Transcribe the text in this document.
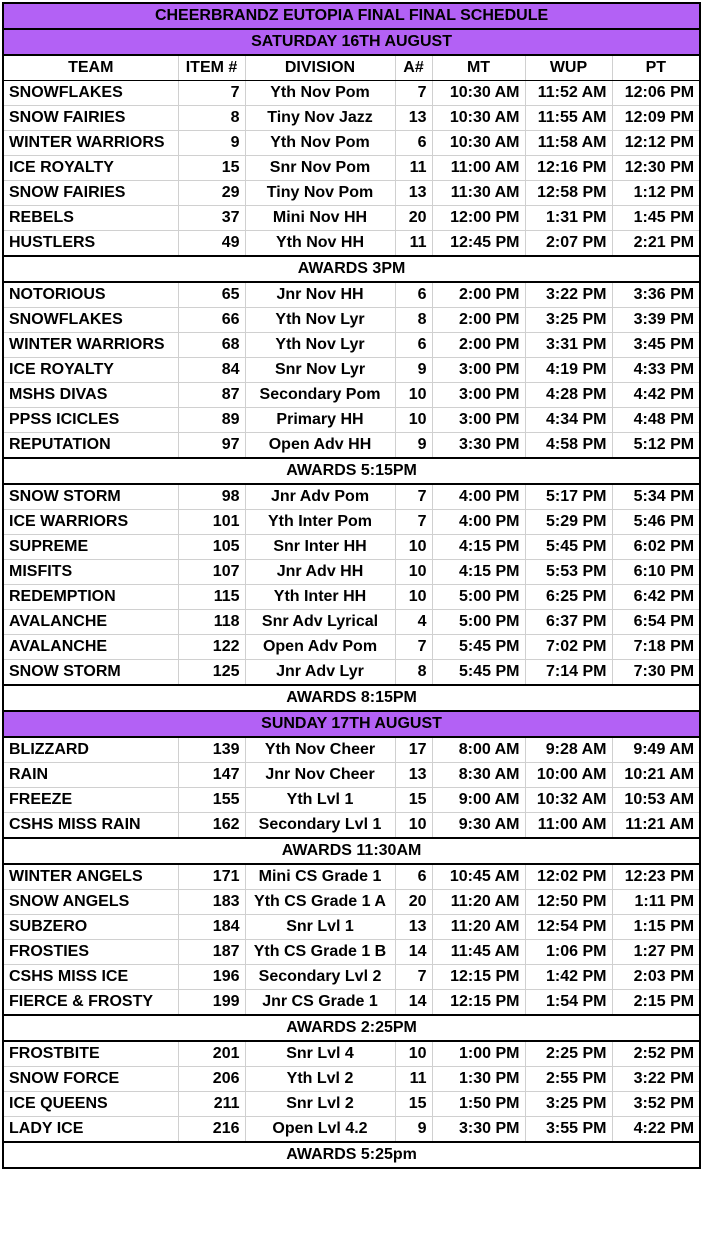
CHEERBRANDZ EUTOPIA FINAL FINAL SCHEDULE						
SATURDAY 16TH AUGUST						
TEAM	ITEM #	DIVISION	A#	MT	WUP	PT
SNOWFLAKES	7	Yth Nov Pom	7	10:30 AM	11:52 AM	12:06 PM
SNOW FAIRIES	8	Tiny Nov Jazz	13	10:30 AM	11:55 AM	12:09 PM
WINTER WARRIORS	9	Yth Nov Pom	6	10:30 AM	11:58 AM	12:12 PM
ICE ROYALTY	15	Snr Nov Pom	11	11:00 AM	12:16 PM	12:30 PM
SNOW FAIRIES	29	Tiny Nov Pom	13	11:30 AM	12:58 PM	1:12 PM
REBELS	37	Mini Nov HH	20	12:00 PM	1:31 PM	1:45 PM
HUSTLERS	49	Yth Nov HH	11	12:45 PM	2:07 PM	2:21 PM
AWARDS 3PM						
NOTORIOUS	65	Jnr Nov HH	6	2:00 PM	3:22 PM	3:36 PM
SNOWFLAKES	66	Yth Nov Lyr	8	2:00 PM	3:25 PM	3:39 PM
WINTER WARRIORS	68	Yth Nov Lyr	6	2:00 PM	3:31 PM	3:45 PM
ICE ROYALTY	84	Snr Nov Lyr	9	3:00 PM	4:19 PM	4:33 PM
MSHS DIVAS	87	Secondary Pom	10	3:00 PM	4:28 PM	4:42 PM
PPSS ICICLES	89	Primary HH	10	3:00 PM	4:34 PM	4:48 PM
REPUTATION	97	Open Adv HH	9	3:30 PM	4:58 PM	5:12 PM
AWARDS 5:15PM						
SNOW STORM	98	Jnr Adv Pom	7	4:00 PM	5:17 PM	5:34 PM
ICE WARRIORS	101	Yth Inter Pom	7	4:00 PM	5:29 PM	5:46 PM
SUPREME	105	Snr Inter HH	10	4:15 PM	5:45 PM	6:02 PM
MISFITS	107	Jnr Adv HH	10	4:15 PM	5:53 PM	6:10 PM
REDEMPTION	115	Yth Inter HH	10	5:00 PM	6:25 PM	6:42 PM
AVALANCHE	118	Snr Adv Lyrical	4	5:00 PM	6:37 PM	6:54 PM
AVALANCHE	122	Open Adv Pom	7	5:45 PM	7:02 PM	7:18 PM
SNOW STORM	125	Jnr Adv Lyr	8	5:45 PM	7:14 PM	7:30 PM
AWARDS 8:15PM						
SUNDAY 17TH AUGUST						
BLIZZARD	139	Yth Nov Cheer	17	8:00 AM	9:28 AM	9:49 AM
RAIN	147	Jnr Nov Cheer	13	8:30 AM	10:00 AM	10:21 AM
FREEZE	155	Yth Lvl 1	15	9:00 AM	10:32 AM	10:53 AM
CSHS MISS RAIN	162	Secondary Lvl 1	10	9:30 AM	11:00 AM	11:21 AM
AWARDS 11:30AM						
WINTER ANGELS	171	Mini CS Grade 1	6	10:45 AM	12:02 PM	12:23 PM
SNOW ANGELS	183	Yth CS Grade 1 A	20	11:20 AM	12:50 PM	1:11 PM
SUBZERO	184	Snr Lvl 1	13	11:20 AM	12:54 PM	1:15 PM
FROSTIES	187	Yth CS Grade 1 B	14	11:45 AM	1:06 PM	1:27 PM
CSHS MISS ICE	196	Secondary Lvl 2	7	12:15 PM	1:42 PM	2:03 PM
FIERCE & FROSTY	199	Jnr CS Grade 1	14	12:15 PM	1:54 PM	2:15 PM
AWARDS 2:25PM						
FROSTBITE	201	Snr Lvl 4	10	1:00 PM	2:25 PM	2:52 PM
SNOW FORCE	206	Yth Lvl 2	11	1:30 PM	2:55 PM	3:22 PM
ICE QUEENS	211	Snr Lvl 2	15	1:50 PM	3:25 PM	3:52 PM
LADY ICE	216	Open Lvl 4.2	9	3:30 PM	3:55 PM	4:22 PM
AWARDS 5:25pm						
